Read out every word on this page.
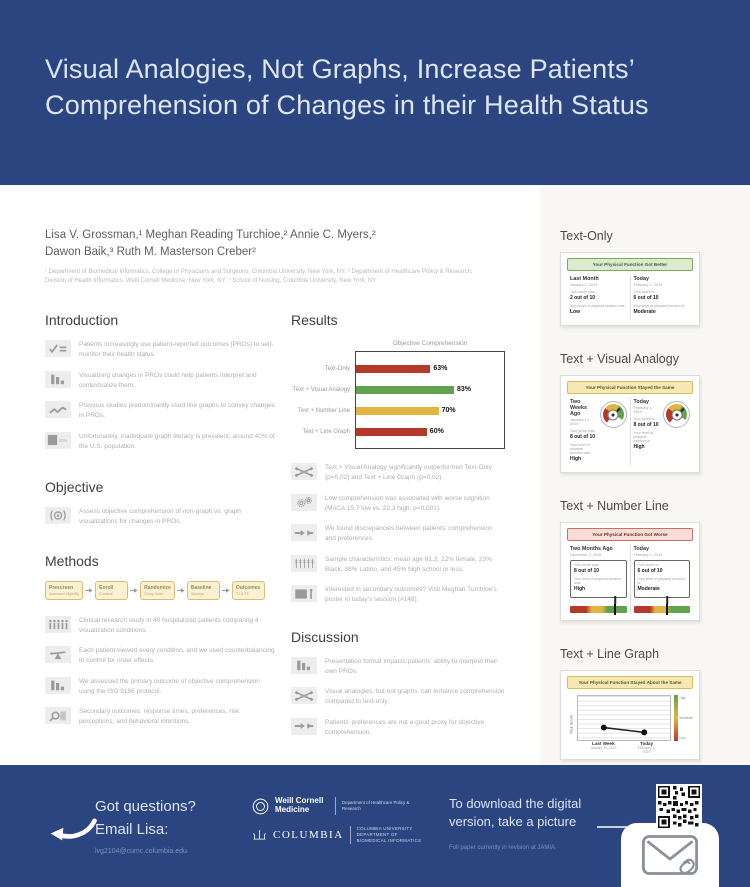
Visual Analogies, Not Graphs, Increase Patients’
Comprehension of Changes in their Health Status
Lisa V. Grossman,¹ Meghan Reading Turchioe,² Annie C. Myers,²
Dawon Baik,³ Ruth M. Masterson Creber²
¹ Department of Biomedical Informatics, College of Physicians and Surgeons, Columbia University, New York, NY; ² Department of Healthcare Policy & Research, Division of Health Informatics, Weill Cornell Medicine, New York, NY; ³ School of Nursing, Columbia University, New York, NY
Introduction

Patients increasingly use patient-reported outcomes (PROs) to self-monitor their health status.

Visualizing changes in PROs could help patients interpret and contextualize them.

Previous studies predominantly used line graphs to convey changes in PROs.

40%

Unfortunately, inadequate graph literacy is prevalent, around 40% of the U.S. population.

Objective

Assess objective comprehension of non-graph vs. graph visualizations for changes in PROs.

Methods
Prescreen
Assessed eligibility
Enroll
Consent
Randomize
Group order
Baseline
Surveys
Outcomes
T1 & T2

Clinical research study in 40 hospitalized patients comparing 4 visualization conditions.

Each patient viewed every condition, and we used counterbalancing to control for order effects.

We assessed the primary outcome of objective comprehension using the ISO 9186 protocol.

Secondary outcomes: response times, preferences, risk perceptions, and behavioral intentions.

Results
Objective Comprehension
Text-Only
Text + Visual Analogy
Text + Number Line
Text + Line Graph
63%
83%
70%
60%

Text + Visual Analogy significantly outperformed Text-Only (p=0.02) and Text + Line Graph (p=0.02).

Low comprehension was associated with worse cognition (MoCA 15.7 low vs. 22.3 high, p<0.001).

We found discrepancies between patients’ comprehension and preferences.

Sample characteristics: mean age 61.3, 22% female, 23% Black, 38% Latino, and 45% high school or less.

Interested in secondary outcomes? Visit Meghan Turchioe’s poster in today’s session (#148).

Discussion

Presentation format impacts patients’ ability to interpret their own PROs.

Visual analogies, but not graphs, can enhance comprehension compared to text-only.

Patients’ preferences are not a good proxy for objective comprehension.

Text-Only
Your Physical Function Got Better
Last Month
January 2, 2019
Your score was:
2 out of 10
Your level of physical function was:
Low
Today
February 1, 2019
Your score is:
6 out of 10
Your level of physical function is:
Moderate
Text + Visual Analogy
Your Physical Function Stayed the Same
Two Weeks Ago
January 17, 2019
Your score was:
8 out of 10
Your level of physical function was:
High
Today
February 1, 2019
Your score is:
8 out of 10
Your level of physical function is:
High
Text + Number Line
Your Physical Function Got Worse
Two Months Ago
December 1, 2018
Your score was:
8 out of 10
Your level of physical function was:
High
Today
February 1, 2019
Your score is:
6 out of 10
Your level of physical function is:
Moderate
Text + Line Graph
Your Physical Function Stayed About the Same
Your Score
Last Week
January 25, 2019
Today
February 1, 2019
High
Moderate
Low
Got questions?
Email Lisa:
lvg2104@cumc.columbia.edu
Weill Cornell Medicine
Department of Healthcare Policy & Research
COLUMBIA
COLUMBIA UNIVERSITY DEPARTMENT OF BIOMEDICAL INFORMATICS
To download the digital
version, take a picture
Full paper currently in revision at JAMIA
